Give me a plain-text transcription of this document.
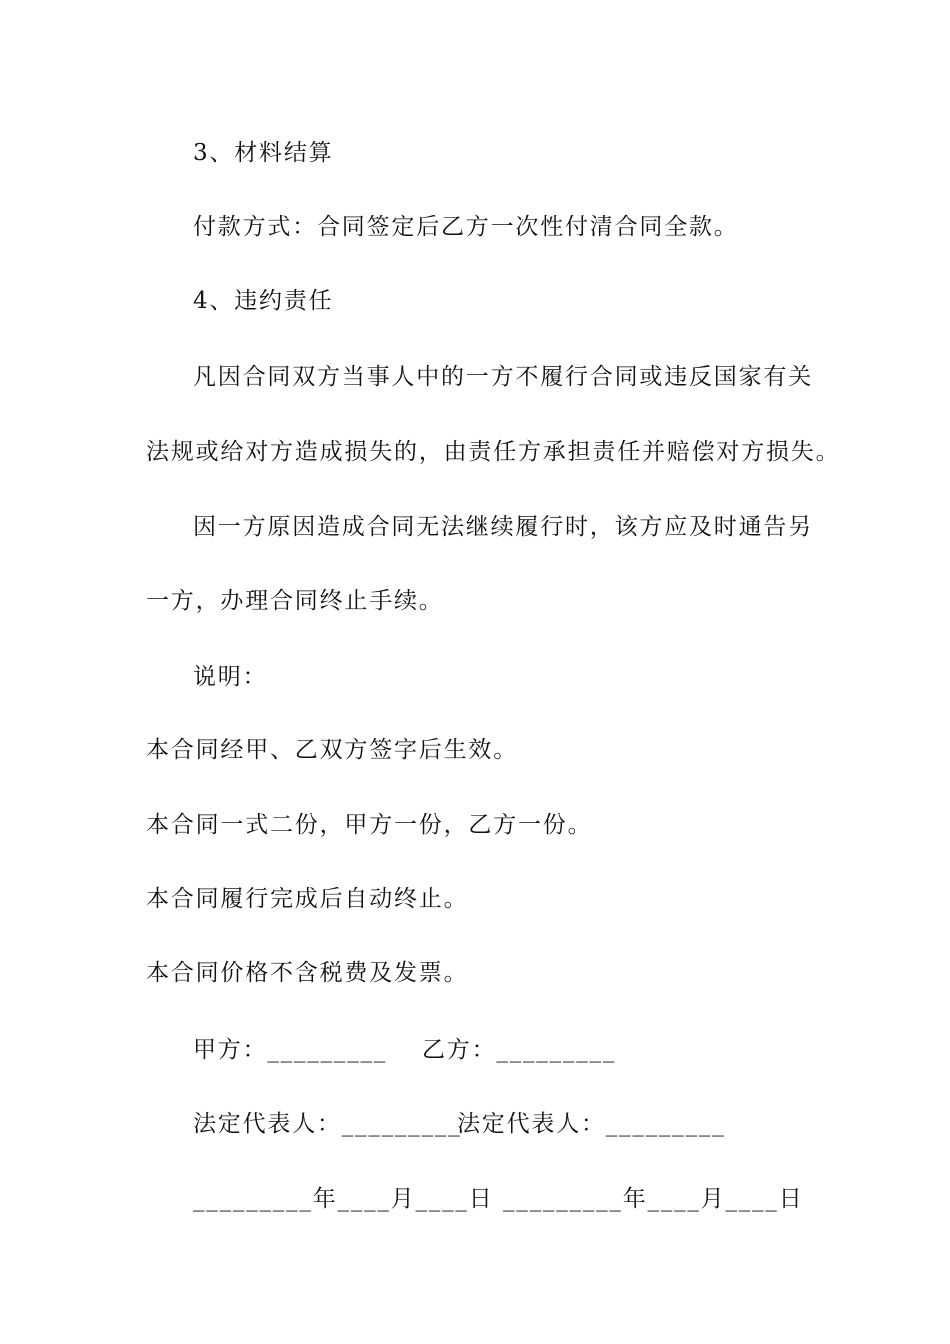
3、材料结算
付款方式：合同签定后乙方一次性付清合同全款。
4、违约责任
凡因合同双方当事人中的一方不履行合同或违反国家有关
法规或给对方造成损失的，由责任方承担责任并赔偿对方损失。
因一方原因造成合同无法继续履行时，该方应及时通告另
一方，办理合同终止手续。
说明：
本合同经甲、乙双方签字后生效。
本合同一式二份，甲方一份，乙方一份。
本合同履行完成后自动终止。
本合同价格不含税费及发票。
甲方：_________ 乙方：_________
法定代表人：_________
法定代表人：_________
_________年____月____日 _________年____月____日
